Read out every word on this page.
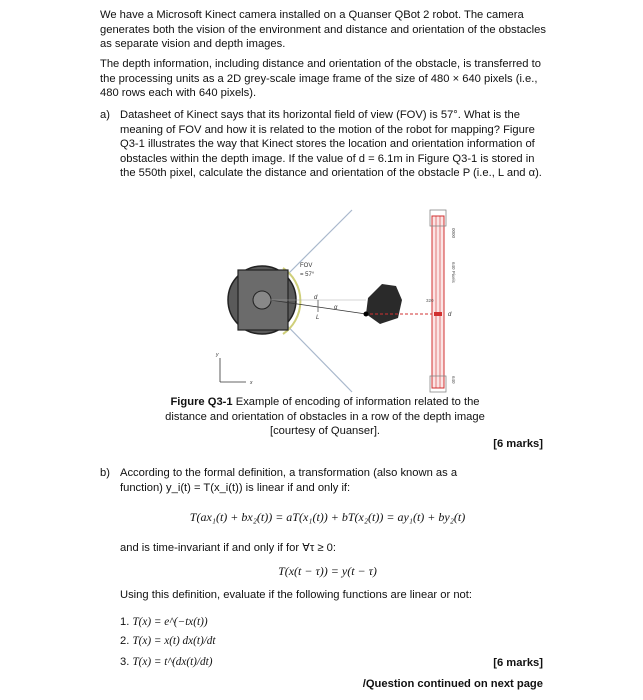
We have a Microsoft Kinect camera installed on a Quanser QBot 2 robot. The camera generates both the vision of the environment and distance and orientation of the obstacles as separate vision and depth images.
The depth information, including distance and orientation of the obstacle, is transferred to the processing units as a 2D grey-scale image frame of the size of 480 × 640 pixels (i.e., 480 rows each with 640 pixels).
a) Datasheet of Kinect says that its horizontal field of view (FOV) is 57°. What is the meaning of FOV and how it is related to the motion of the robot for mapping? Figure Q3-1 illustrates the way that Kinect stores the location and orientation information of obstacles within the depth image. If the value of d = 6.1m in Figure Q3-1 is stored in the 550th pixel, calculate the distance and orientation of the obstacle P (i.e., L and α).
FOV
= 57°
d
L
α
d
320
0000
640
640 Pixels
y
x
Figure Q3-1 Example of encoding of information related to the
distance and orientation of obstacles in a row of the depth image
[courtesy of Quanser].
[6 marks]
b) According to the formal definition, a transformation (also known as a
function) y_i(t) = T(x_i(t)) is linear if and only if:
T(ax₁(t) + bx₂(t)) = aT(x₁(t)) + bT(x₂(t)) = ay₁(t) + by₂(t)
and is time-invariant if and only if for ∀τ ≥ 0:
T(x(t − τ)) = y(t − τ)
Using this definition, evaluate if the following functions are linear or not:
1. T(x) = e^(−tx(t))
2. T(x) = x(t) dx(t)/dt
3. T(x) = t^(dx(t)/dt)	[6 marks]
/Question continued on next page
